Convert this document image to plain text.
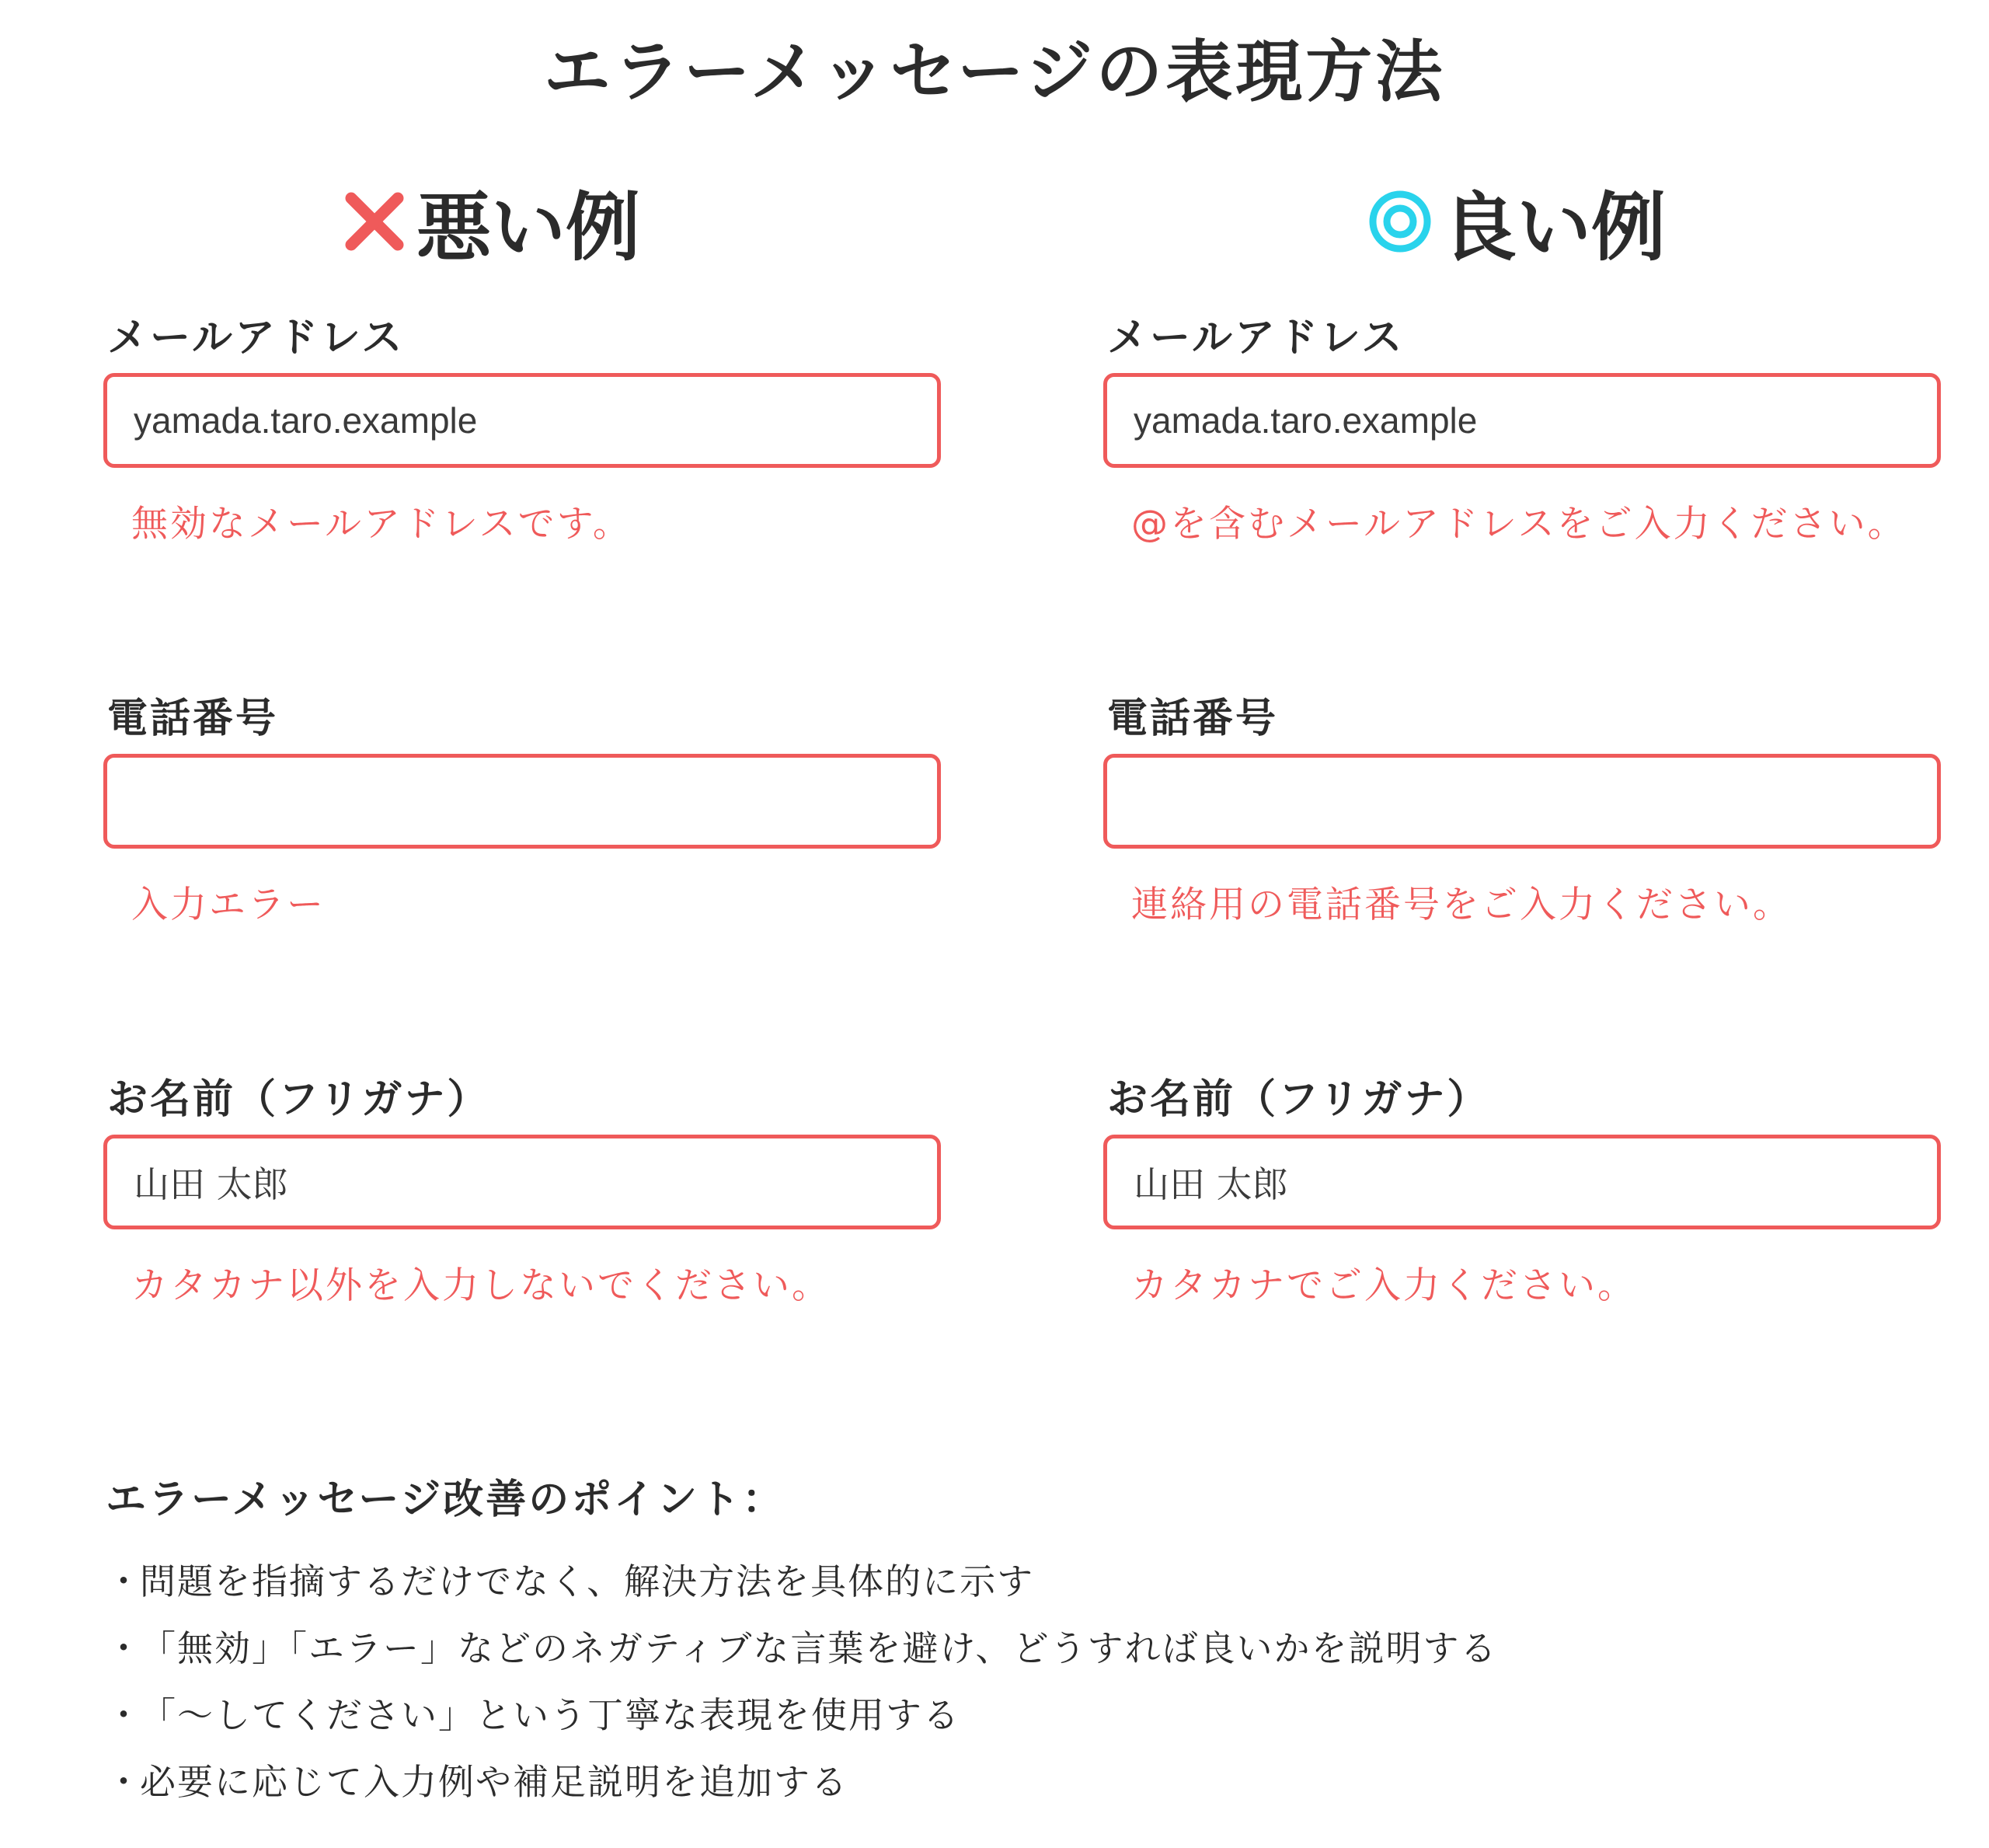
エラーメッセージの表現方法
悪い例
メールアドレス
yamada.taro.example
無効なメールアドレスです。
電話番号
入力エラー
お名前（フリガナ）
山田 太郎
カタカナ以外を入力しないでください。
良い例
メールアドレス
yamada.taro.example
@を含むメールアドレスをご入力ください。
電話番号
連絡用の電話番号をご入力ください。
お名前（フリガナ）
山田 太郎
カタカナでご入力ください。
エラーメッセージ改善のポイント：
・問題を指摘するだけでなく、解決方法を具体的に示す
・「無効」「エラー」などのネガティブな言葉を避け、どうすれば良いかを説明する
・「〜してください」という丁寧な表現を使用する
・必要に応じて入力例や補足説明を追加する
